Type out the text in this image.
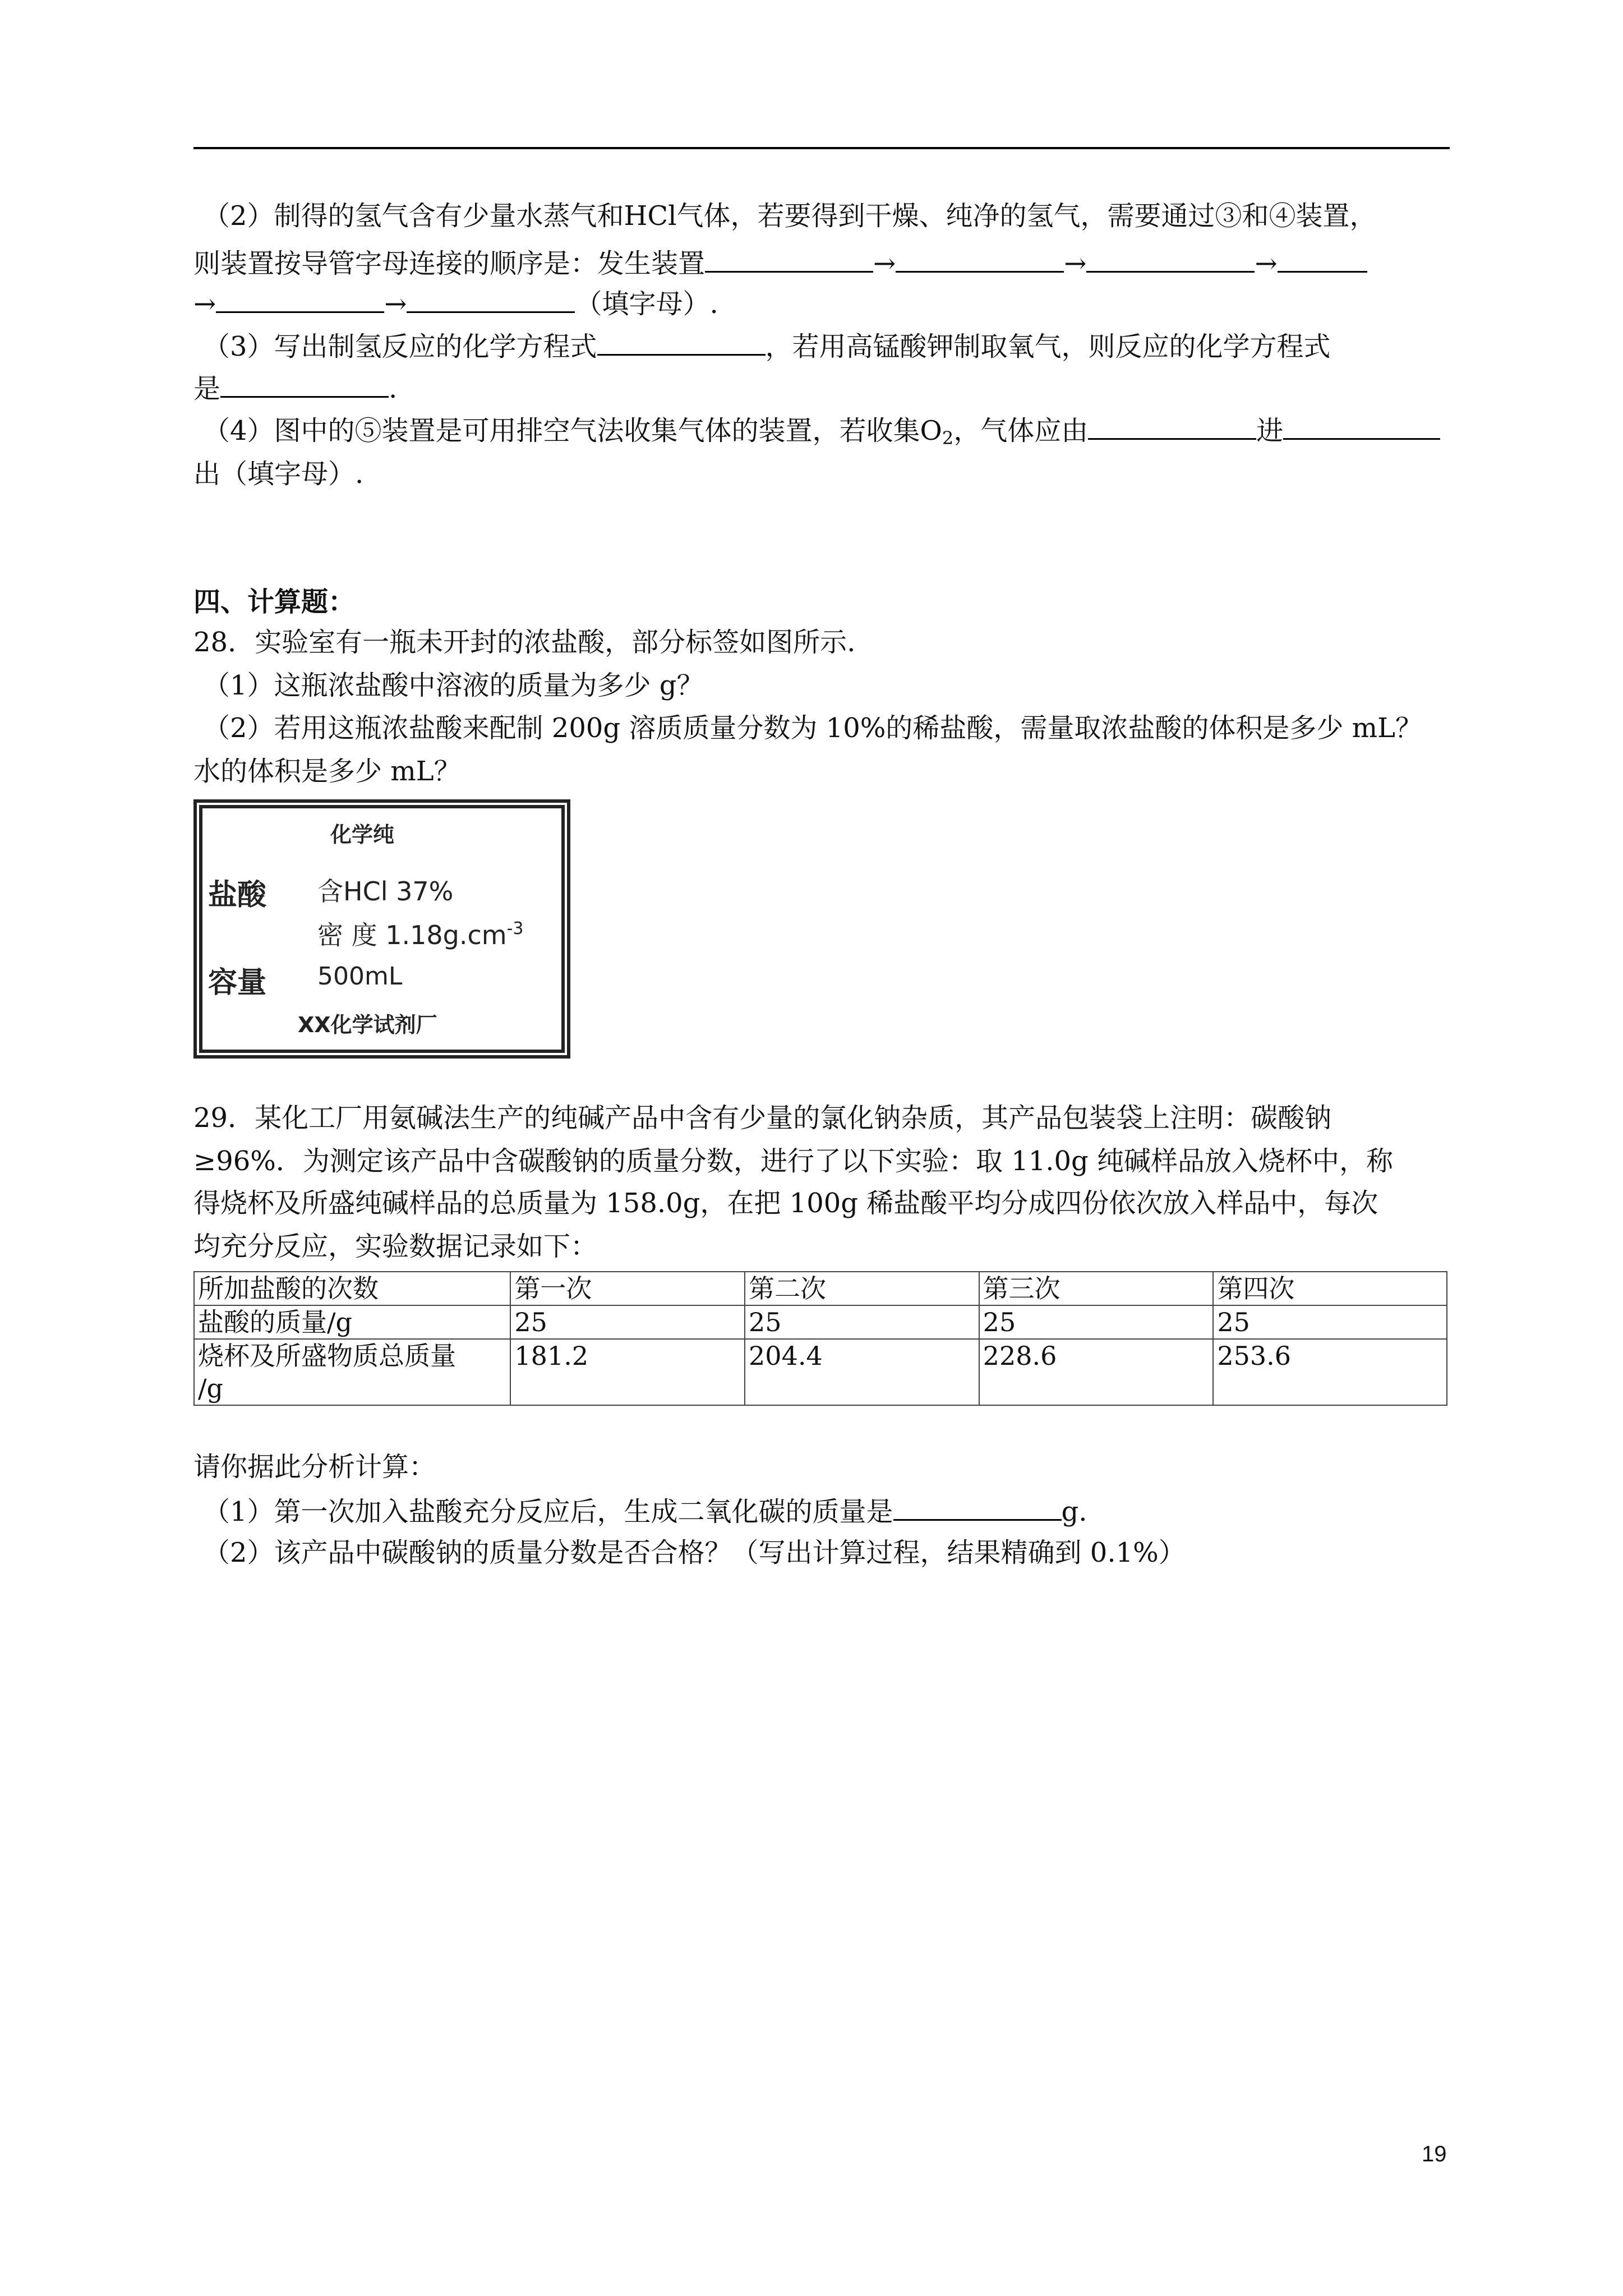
（2）制得的氢气含有少量水蒸气和HCl气体，若要得到干燥、纯净的氢气，需要通过③和④装置，
则装置按导管字母连接的顺序是：发生装置	→	→	→
→	→	（填字母）.
（3）写出制氢反应的化学方程式	，若用高锰酸钾制取氧气，则反应的化学方程式
是	.
（4）图中的⑤装置是可用排空气法收集气体的装置，若收集$O_2$，气体应由	进
出（填字母）.
四、计算题：
28．实验室有一瓶未开封的浓盐酸，部分标签如图所示.
（1）这瓶浓盐酸中溶液的质量为多少 g？
（2）若用这瓶浓盐酸来配制 200g 溶质质量分数为 10%的稀盐酸，需量取浓盐酸的体积是多少 mL？
水的体积是多少 mL？
化学纯
盐酸 含HCl 37%
密 度 $1.18g.cm^{-3}$
容量 500mL
XX化学试剂厂
29．某化工厂用氨碱法生产的纯碱产品中含有少量的氯化钠杂质，其产品包装袋上注明：碳酸钠
≥96%．为测定该产品中含碳酸钠的质量分数，进行了以下实验：取 11.0g 纯碱样品放入烧杯中，称
得烧杯及所盛纯碱样品的总质量为 158.0g，在把 100g 稀盐酸平均分成四份依次放入样品中，每次
均充分反应，实验数据记录如下：
所加盐酸的次数	第一次	第二次	第三次	第四次
盐酸的质量/g	25	25	25	25
烧杯及所盛物质总质量
/g	181.2	204.4	228.6	253.6
请你据此分析计算：
（1）第一次加入盐酸充分反应后，生成二氧化碳的质量是	g.
（2）该产品中碳酸钠的质量分数是否合格？（写出计算过程，结果精确到 0.1%）
19
